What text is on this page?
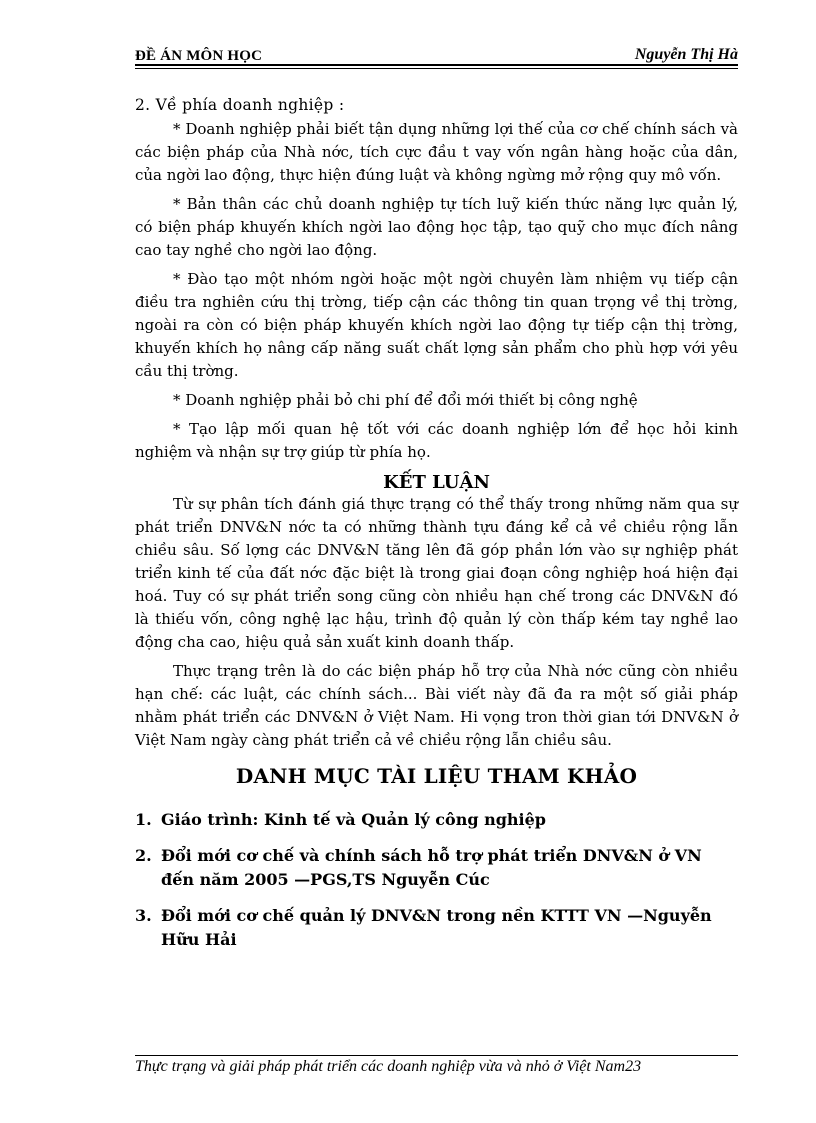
ĐỀ ÁN MÔN HỌC	Nguyễn Thị Hà
2. Về phía doanh nghiệp :

* Doanh nghiệp phải biết tận dụng những lợi thế của cơ chế chính sách và các biện pháp của Nhà nớc, tích cực đầu t vay vốn ngân hàng hoặc của dân, của ngời lao động, thực hiện đúng luật và không ngừng mở rộng quy mô vốn.

* Bản thân các chủ doanh nghiệp tự tích luỹ kiến thức năng lực quản lý, có biện pháp khuyến khích ngời lao động học tập, tạo quỹ cho mục đích nâng cao tay nghề cho ngời lao động.

* Đào tạo một nhóm ngời hoặc một ngời chuyên làm nhiệm vụ tiếp cận điều tra nghiên cứu thị trờng, tiếp cận các thông tin quan trọng về thị trờng, ngoài ra còn có biện pháp khuyến khích ngời lao động tự tiếp cận thị trờng, khuyến khích họ nâng cấp năng suất chất lợng sản phẩm cho phù hợp với yêu cầu thị trờng.

* Doanh nghiệp phải bỏ chi phí để đổi mới thiết bị công nghệ

* Tạo lập mối quan hệ tốt với các doanh nghiệp lớn để học hỏi kinh nghiệm và nhận sự trợ giúp từ phía họ.

KẾT LUẬN

Từ sự phân tích đánh giá thực trạng có thể thấy trong những năm qua sự phát triển DNV&N nớc ta có những thành tựu đáng kể cả về chiều rộng lẫn chiều sâu. Số lợng các DNV&N tăng lên đã góp phần lớn vào sự nghiệp phát triển kinh tế của đất nớc đặc biệt là trong giai đoạn công nghiệp hoá hiện đại hoá. Tuy có sự phát triển song cũng còn nhiều hạn chế trong các DNV&N đó là thiếu vốn, công nghệ lạc hậu, trình độ quản lý còn thấp kém tay nghề lao động cha cao, hiệu quả sản xuất kinh doanh thấp.

Thực trạng trên là do các biện pháp hỗ trợ của Nhà nớc cũng còn nhiều hạn chế: các luật, các chính sách... Bài viết này đã đa ra một số giải pháp nhằm phát triển các DNV&N ở Việt Nam. Hi vọng tron thời gian tới DNV&N ở Việt Nam ngày càng phát triển cả về chiều rộng lẫn chiều sâu.

DANH MỤC TÀI LIỆU THAM KHẢO
1. Giáo trình: Kinh tế và Quản lý công nghiệp
2. Đổi mới cơ chế và chính sách hỗ trợ phát triển DNV&N ở VN đến năm 2005 —PGS,TS Nguyễn Cúc
3. Đổi mới cơ chế quản lý DNV&N trong nền KTTT VN —Nguyễn Hữu Hải
Thực trạng và giải pháp phát triển các doanh nghiệp vừa và nhỏ ở Việt Nam23
